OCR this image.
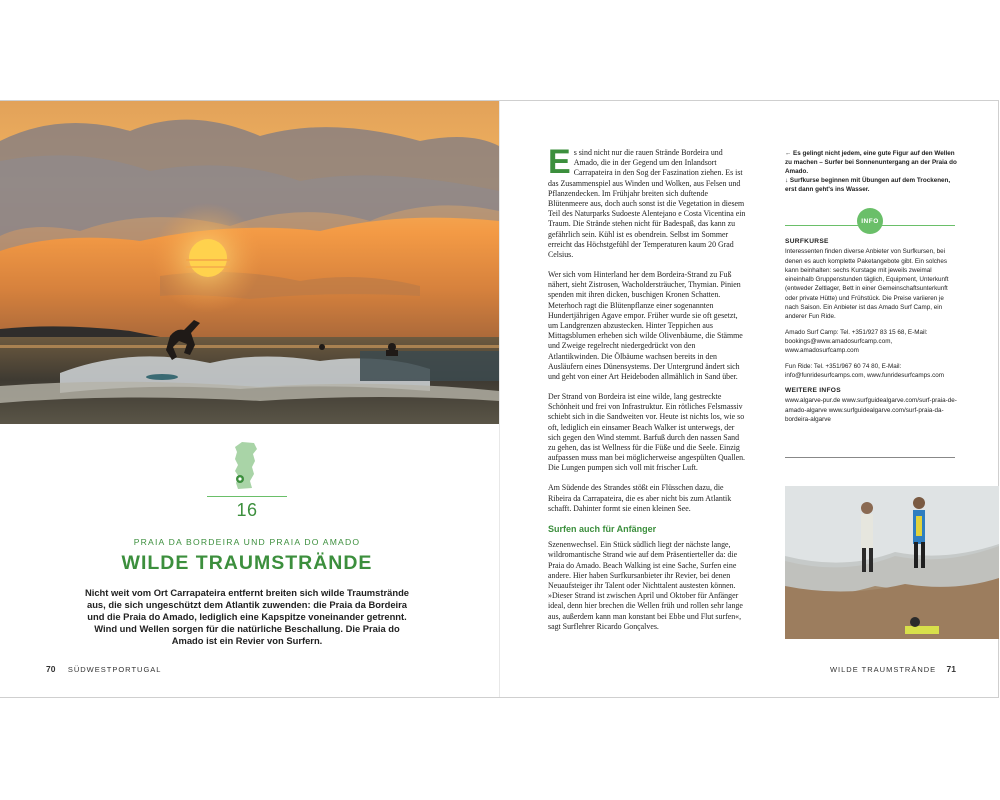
16
PRAIA DA BORDEIRA UND PRAIA DO AMADO
WILDE TRAUMSTRÄNDE
Nicht weit vom Ort Carrapateira entfernt breiten sich wilde Traumstrände aus, die sich ungeschützt dem Atlantik zuwenden: die Praia da Bordeira und die Praia do Amado, lediglich eine Kapspitze voneinander getrennt. Wind und Wellen sorgen für die natürliche Beschallung. Die Praia do Amado ist ein Revier von Surfern.
70 SÜDWESTPORTUGAL

Es sind nicht nur die rauen Strände Bordeira und Amado, die in der Gegend um den Inlandsort Carrapateira in den Sog der Faszination ziehen. Es ist das Zusammenspiel aus Winden und Wolken, aus Felsen und Pflanzendecken. Im Frühjahr breiten sich duftende Blütenmeere aus, doch auch sonst ist die Vegetation in diesem Teil des Naturparks Sudoeste Alentejano e Costa Vicentina ein Traum. Die Strände stehen nicht für Badespaß, das kann zu gefährlich sein. Kühl ist es obendrein. Selbst im Sommer erreicht das Höchstgefühl der Temperaturen kaum 20 Grad Celsius.

Wer sich vom Hinterland her dem Bordeira-Strand zu Fuß nähert, sieht Zistrosen, Wacholdersträucher, Thymian. Pinien spenden mit ihren dicken, buschigen Kronen Schatten. Meterhoch ragt die Blütenpflanze einer sogenannten Hundertjährigen Agave empor. Früher wurde sie oft gesetzt, um Landgrenzen abzustecken. Hinter Teppichen aus Mittagsblumen erheben sich wilde Olivenbäume, die Stämme und Zweige regelrecht niedergedrückt von den Atlantikwinden. Die Ölbäume wachsen bereits in den Ausläufern eines Dünensystems. Der Untergrund ändert sich und geht von einer Art Heideboden allmählich in Sand über.

Der Strand von Bordeira ist eine wilde, lang gestreckte Schönheit und frei von Infrastruktur. Ein rötliches Felsmassiv schiebt sich in die Sandweiten vor. Heute ist nichts los, wie so oft, lediglich ein einsamer Beach Walker ist unterwegs, der sich gegen den Wind stemmt. Barfuß durch den nassen Sand zu gehen, das ist Wellness für die Füße und die Seele. Einzig aufpassen muss man bei möglicherweise angespülten Quallen. Die Lungen pumpen sich voll mit frischer Luft.

Am Südende des Strandes stößt ein Flüsschen dazu, die Ribeira da Carrapateira, die es aber nicht bis zum Atlantik schafft. Dahinter formt sie einen kleinen See.

Surfen auch für Anfänger

Szenenwechsel. Ein Stück südlich liegt der nächste lange, wildromantische Strand wie auf dem Präsentierteller da: die Praia do Amado. Beach Walking ist eine Sache, Surfen eine andere. Hier haben Surfkursanbieter ihr Revier, bei denen Neuaufsteiger ihr Talent oder Nichttalent austesten können. »Dieser Strand ist zwischen April und Oktober für Anfänger ideal, denn hier brechen die Wellen früh und rollen sehr lange aus, außerdem kann man konstant bei Ebbe und Flut surfen«, sagt Surflehrer Ricardo Gonçalves.

← Es gelingt nicht jedem, eine gute Figur auf den Wellen zu machen – Surfer bei Sonnenuntergang an der Praia do Amado.

↓ Surfkurse beginnen mit Übungen auf dem Trockenen, erst dann geht's ins Wasser.

INFO
SURFKURSE

Interessenten finden diverse Anbieter von Surfkursen, bei denen es auch komplette Paketangebote gibt. Ein solches kann beinhalten: sechs Kurstage mit jeweils zweimal eineinhalb Gruppenstunden täglich, Equipment, Unterkunft (entweder Zeltlager, Bett in einer Gemeinschaftsunterkunft oder private Hütte) und Frühstück. Die Preise variieren je nach Saison. Ein Anbieter ist das Amado Surf Camp, ein anderer Fun Ride.

Amado Surf Camp: Tel. +351/927 83 15 68, E-Mail: bookings@www.amadosurfcamp.com, www.amadosurfcamp.com

Fun Ride: Tel. +351/967 60 74 80, E-Mail: info@funridesurfcamps.com, www.funridesurfcamps.com

WEITERE INFOS

www.algarve-pur.de www.surfguidealgarve.com/surf-praia-de-amado-algarve www.surfguidealgarve.com/surf-praia-da-bordeira-algarve

WILDE TRAUMSTRÄNDE 71
